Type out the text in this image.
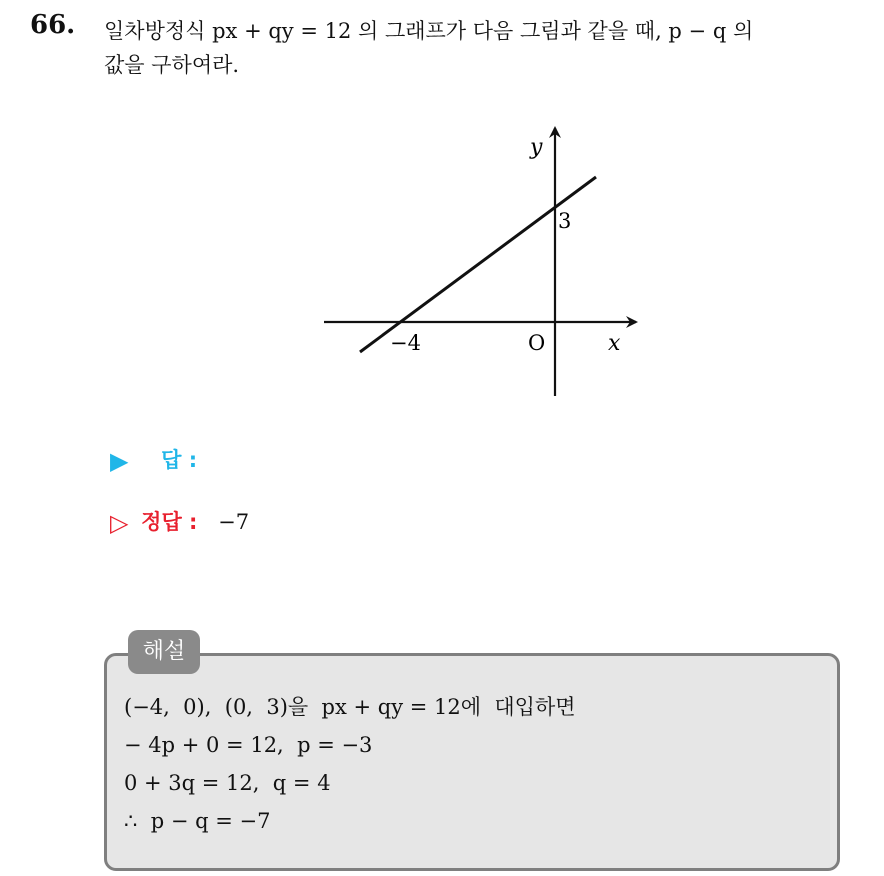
66. 일차방정식 px + qy = 12 의 그래프가 다음 그림과 같을 때, p − q 의
값을 구하여라.
y
x
O
−4
3
▶ 답 :
▷ 정답 : −7
해설
(−4,  0),  (0,  3)을  px + qy = 12에  대입하면
− 4p + 0 = 12,  p = −3
0 + 3q = 12,  q = 4
∴  p − q = −7
